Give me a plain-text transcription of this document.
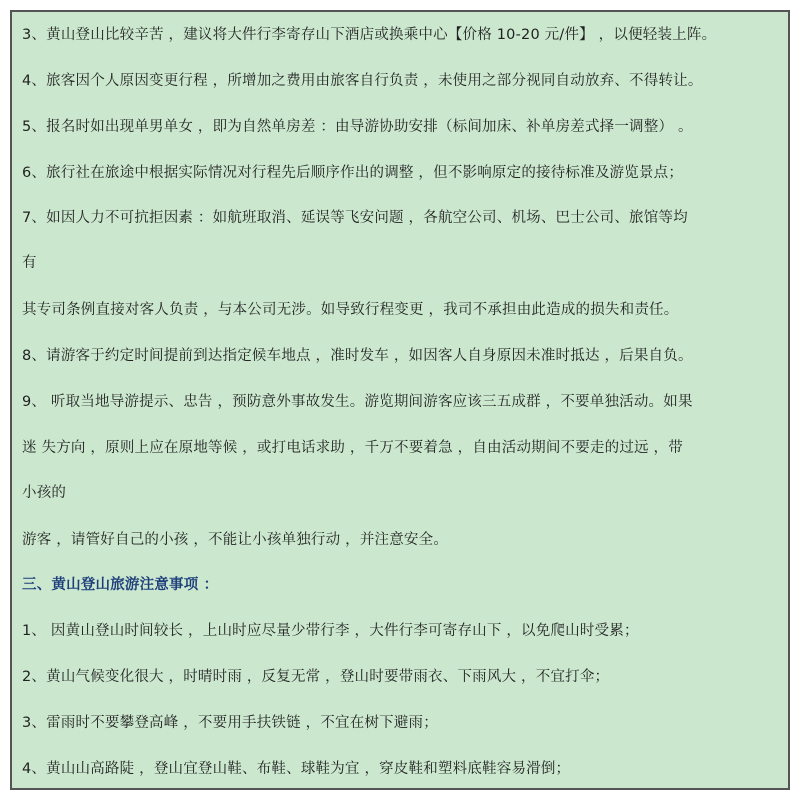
3、黄山登山比较辛苦 ，建议将大件行李寄存山下酒店或换乘中心【价格 10-20 元/件】 ，以便轻装上阵。
4、旅客因个人原因变更行程 ，所增加之费用由旅客自行负责 ，未使用之部分视同自动放弃、不得转让。
5、报名时如出现单男单女 ，即为自然单房差 ：由导游协助安排（标间加床、补单房差式择一调整） 。
6、旅行社在旅途中根据实际情况对行程先后顺序作出的调整 ，但不影响原定的接待标准及游览景点；
7、如因人力不可抗拒因素 ：如航班取消、延误等飞安问题 ，各航空公司、机场、巴士公司、旅馆等均
有
其专司条例直接对客人负责 ，与本公司无涉。如导致行程变更 ，我司不承担由此造成的损失和责任。
8、请游客于约定时间提前到达指定候车地点 ，准时发车 ，如因客人自身原因未准时抵达 ，后果自负。
9、 听取当地导游提示、忠告 ，预防意外事故发生。游览期间游客应该三五成群 ，不要单独活动。如果
迷 失方向 ，原则上应在原地等候 ，或打电话求助 ，千万不要着急 ，自由活动期间不要走的过远 ，带
小孩的
游客 ，请管好自己的小孩 ，不能让小孩单独行动 ，并注意安全。
三、黄山登山旅游注意事项 ：
1、 因黄山登山时间较长 ，上山时应尽量少带行李 ，大件行李可寄存山下 ，以免爬山时受累；
2、黄山气候变化很大 ，时晴时雨 ，反复无常 ，登山时要带雨衣、下雨风大 ，不宜打伞；
3、雷雨时不要攀登高峰 ，不要用手扶铁链 ，不宜在树下避雨；
4、黄山山高路陡 ，登山宜登山鞋、布鞋、球鞋为宜 ，穿皮鞋和塑料底鞋容易滑倒；
